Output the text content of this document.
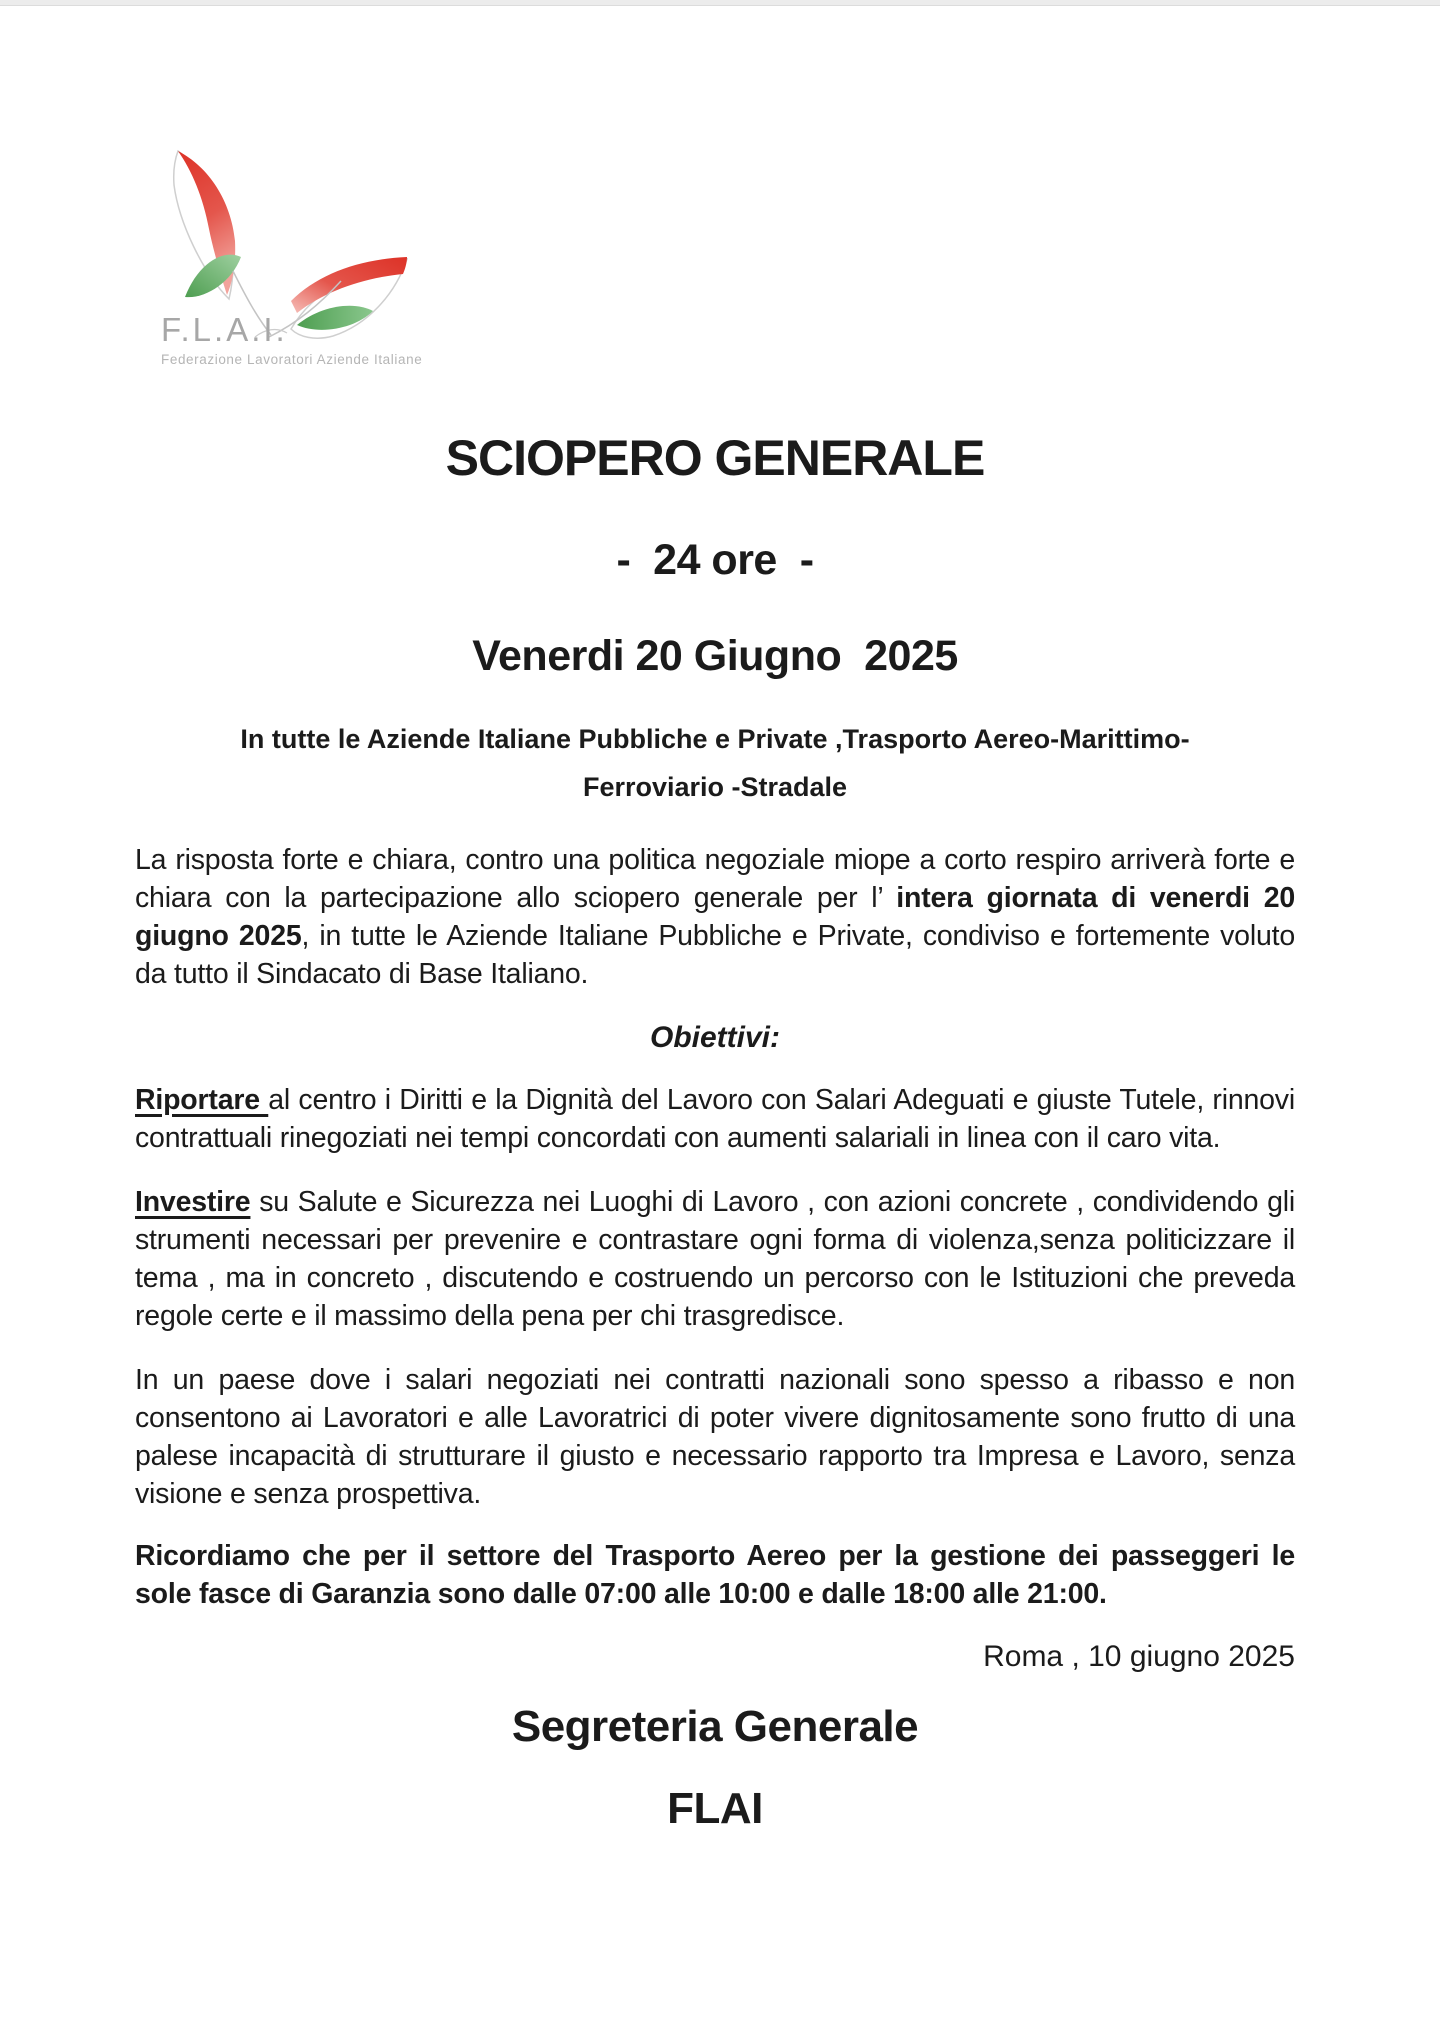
F.L.A.I.
Federazione Lavoratori Aziende Italiane
SCIOPERO GENERALE
-  24 ore  -
Venerdi 20 Giugno  2025
In tutte le Aziende Italiane Pubbliche e Private ,Trasporto Aereo-Marittimo-
Ferroviario -Stradale

La risposta forte e chiara, contro una politica negoziale miope a corto respiro arriverà forte e chiara con la partecipazione allo sciopero generale per l’ intera giornata di venerdi 20 giugno 2025, in tutte le Aziende Italiane Pubbliche e Private, condiviso e fortemente voluto da tutto il Sindacato di Base Italiano.

Obiettivi:

Riportare al centro i Diritti e la Dignità del Lavoro con Salari Adeguati e giuste Tutele, rinnovi contrattuali rinegoziati nei tempi concordati con aumenti salariali in linea con il caro vita.

Investire su Salute e Sicurezza nei Luoghi di Lavoro , con azioni concrete , condividendo gli strumenti necessari per prevenire e contrastare ogni forma di violenza,senza politicizzare il tema , ma in concreto , discutendo e costruendo un percorso con le Istituzioni che preveda regole certe e il massimo della pena per chi trasgredisce.

In un paese dove i salari negoziati nei contratti nazionali sono spesso a ribasso e non consentono ai Lavoratori e alle Lavoratrici di poter vivere dignitosamente sono frutto di una palese incapacità di strutturare il giusto e necessario rapporto tra Impresa e Lavoro, senza visione e senza prospettiva.

Ricordiamo che per il settore del Trasporto Aereo per la gestione dei passeggeri le sole fasce di Garanzia sono dalle 07:00 alle 10:00 e dalle 18:00 alle 21:00.

Roma , 10 giugno 2025
Segreteria Generale
FLAI
